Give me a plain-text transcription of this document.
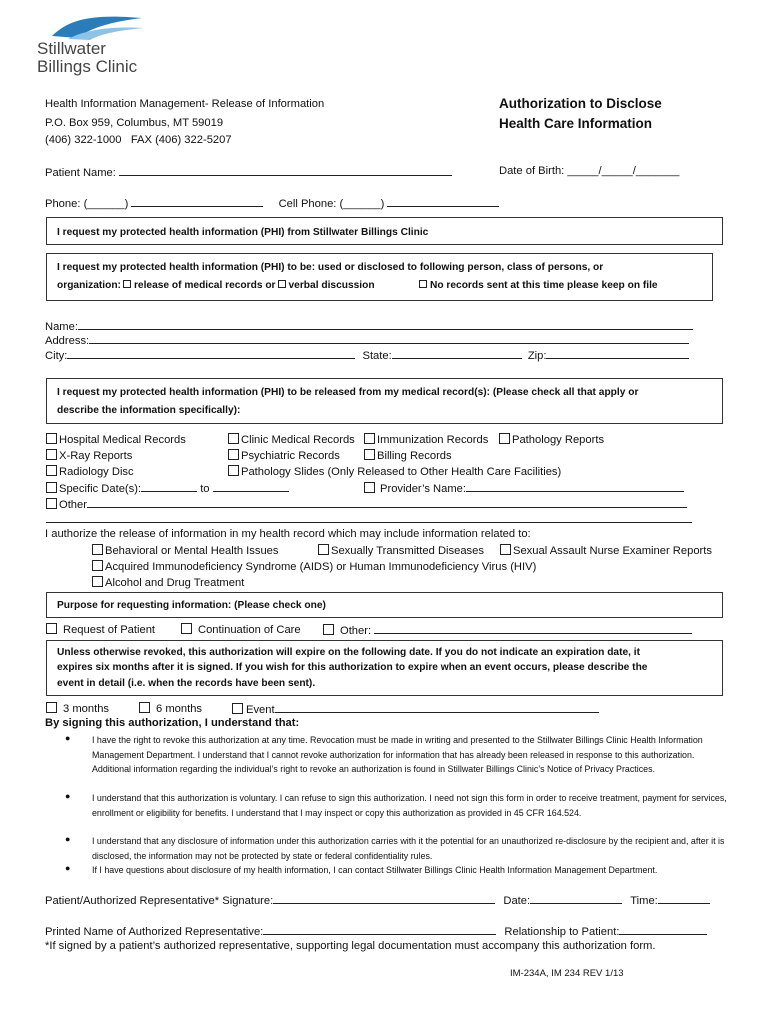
Stillwater
Billings Clinic
Health Information Management- Release of Information
P.O. Box 959, Columbus, MT 59019
(406) 322-1000   FAX (406) 322-5207
Authorization to Disclose
Health Care Information
Patient Name:	Date of Birth: _____/_____/_______
Phone: (______)	Cell Phone: (______)
I request my protected health information (PHI) from Stillwater Billings Clinic
I request my protected health information (PHI) to be: used or disclosed to following person, class of persons, or
organization: release of medical records or verbal discussion	No records sent at this time please keep on file
Name:
Address:
City:	State:	Zip:
I request my protected health information (PHI) to be released from my medical record(s): (Please check all that apply or
describe the information specifically):
Hospital Medical Records	Clinic Medical Records	Immunization Records	Pathology Reports
X-Ray Reports	Psychiatric Records	Billing Records
Radiology Disc	Pathology Slides (Only Released to Other Health Care Facilities)
Specific Date(s):	to	Provider’s Name:
Other
I authorize the release of information in my health record which may include information related to:
Behavioral or Mental Health Issues	Sexually Transmitted Diseases	Sexual Assault Nurse Examiner Reports
Acquired Immunodeficiency Syndrome (AIDS) or Human Immunodeficiency Virus (HIV)
Alcohol and Drug Treatment
Purpose for requesting information: (Please check one)
Request of Patient	Continuation of Care	Other:
Unless otherwise revoked, this authorization will expire on the following date. If you do not indicate an expiration date, it
expires six months after it is signed. If you wish for this authorization to expire when an event occurs, please describe the
event in detail (i.e. when the records have been sent).
3 months	6 months	Event
By signing this authorization, I understand that:
● I have the right to revoke this authorization at any time. Revocation must be made in writing and presented to the Stillwater Billings Clinic Health Information Management Department. I understand that I cannot revoke authorization for information that has already been released in response to this authorization. Additional information regarding the individual’s right to revoke an authorization is found in Stillwater Billings Clinic’s Notice of Privacy Practices.
● I understand that this authorization is voluntary. I can refuse to sign this authorization. I need not sign this form in order to receive treatment, payment for services, enrollment or eligibility for benefits. I understand that I may inspect or copy this authorization as provided in 45 CFR 164.524.
● I understand that any disclosure of information under this authorization carries with it the potential for an unauthorized re-disclosure by the recipient and, after it is disclosed, the information may not be protected by state or federal confidentiality rules.
● If I have questions about disclosure of my health information, I can contact Stillwater Billings Clinic Health Information Management Department.
Patient/Authorized Representative* Signature:	Date:	Time:
Printed Name of Authorized Representative:	Relationship to Patient:
*If signed by a patient’s authorized representative, supporting legal documentation must accompany this authorization form.
IM-234A, IM 234 REV 1/13
